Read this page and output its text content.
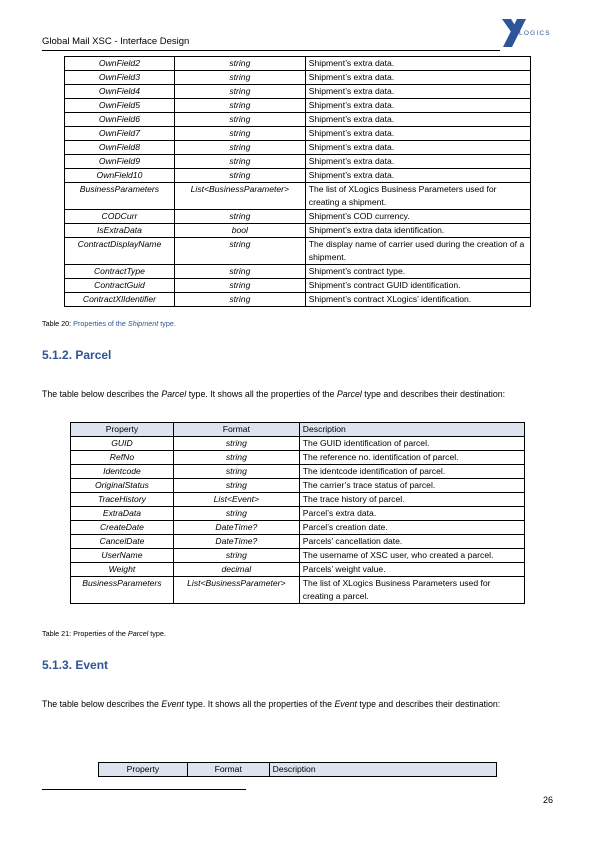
Global Mail XSC - Interface Design
LOGICS
OwnField2	string	Shipment’s extra data.
OwnField3	string	Shipment’s extra data.
OwnField4	string	Shipment’s extra data.
OwnField5	string	Shipment’s extra data.
OwnField6	string	Shipment’s extra data.
OwnField7	string	Shipment’s extra data.
OwnField8	string	Shipment’s extra data.
OwnField9	string	Shipment’s extra data.
OwnField10	string	Shipment’s extra data.
BusinessParameters	List<BusinessParameter>	The list of XLogics Business Parameters used for creating a shipment.
CODCurr	string	Shipment’s COD currency.
IsExtraData	bool	Shipment’s extra data identification.
ContractDisplayName	string	The display name of carrier used during the creation of a shipment.
ContractType	string	Shipment’s contract type.
ContractGuid	string	Shipment’s contract GUID identification.
ContractXlIdentifier	string	Shipment’s contract XLogics’ identification.
Table 20: Properties of the Shipment type.
5.1.2. Parcel
The table below describes the Parcel type. It shows all the properties of the Parcel type and describes their destination:
Property	Format	Description
GUID	string	The GUID identification of parcel.
RefNo	string	The reference no. identification of parcel.
Identcode	string	The identcode identification of parcel.
OriginalStatus	string	The carrier’s trace status of parcel.
TraceHistory	List<Event>	The trace history of parcel.
ExtraData	string	Parcel’s extra data.
CreateDate	DateTime?	Parcel’s creation date.
CancelDate	DateTime?	Parcels’ cancellation date.
UserName	string	The username of XSC user, who created a parcel.
Weight	decimal	Parcels’ weight value.
BusinessParameters	List<BusinessParameter>	The list of XLogics Business Parameters used for creating a parcel.
Table 21: Properties of the Parcel type.
5.1.3. Event
The table below describes the Event type. It shows all the properties of the Event type and describes their destination:
Property	Format	Description
26
